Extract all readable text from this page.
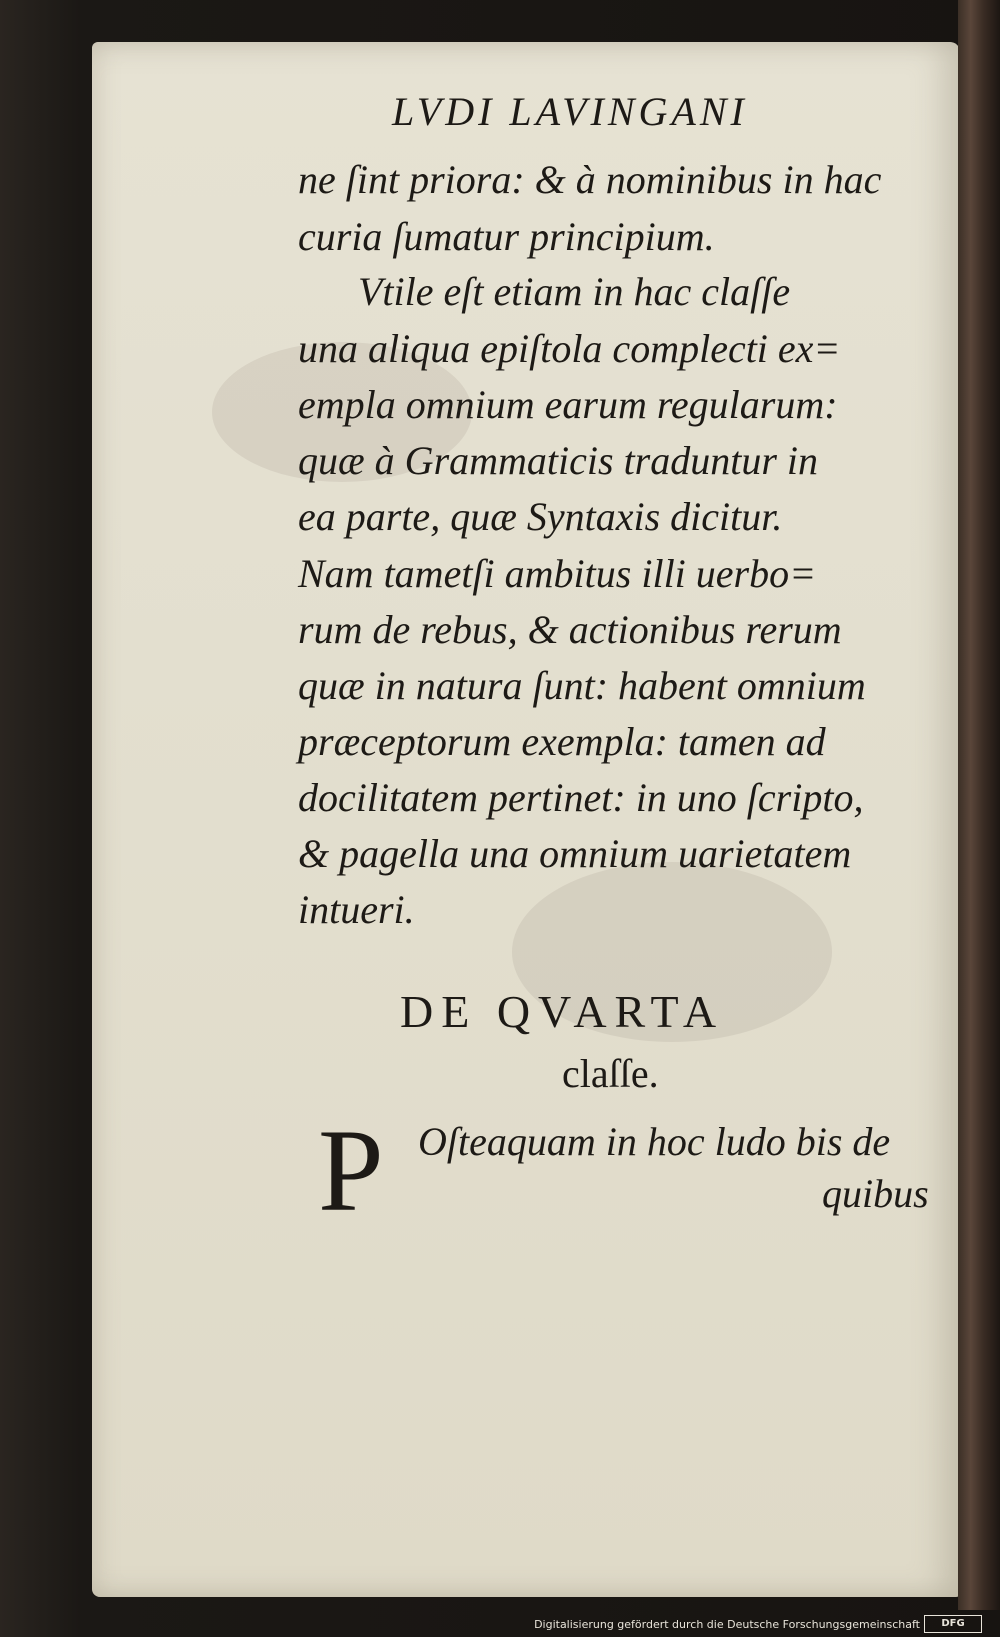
LVDI LAVINGANI
ne ſint priora: & à nominibus in hac
curia ſumatur principium.
Vtile eſt etiam in hac claſſe
una aliqua epiſtola complecti ex=
empla omnium earum regularum:
quæ à Grammaticis traduntur in
ea parte, quæ Syntaxis dicitur.
Nam tametſi ambitus illi uerbo=
rum de rebus, & actionibus rerum
quæ in natura ſunt: habent omnium
præceptorum exempla: tamen ad
docilitatem pertinet: in uno ſcripto,
& pagella una omnium uarietatem
intueri.
DE QVARTA
claſſe.
P Oſteaquam in hoc ludo bis de
quibus
Digitalisierung gefördert durch die Deutsche Forschungsgemeinschaft	DFG
